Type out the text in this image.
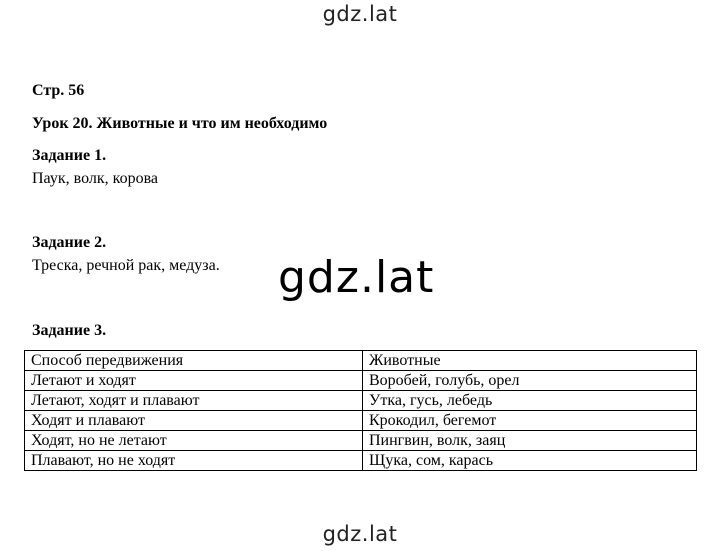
gdz.lat
Стр. 56
Урок 20. Животные и что им необходимо
Задание 1.
Паук, волк, корова
Задание 2.
Треска, речной рак, медуза. gdz.lat
Задание 3.
Способ передвижения	Животные
Летают и ходят	Воробей, голубь, орел
Летают, ходят и плавают	Утка, гусь, лебедь
Ходят и плавают	Крокодил, бегемот
Ходят, но не летают	Пингвин, волк, заяц
Плавают, но не ходят	Щука, сом, карась
gdz.lat
